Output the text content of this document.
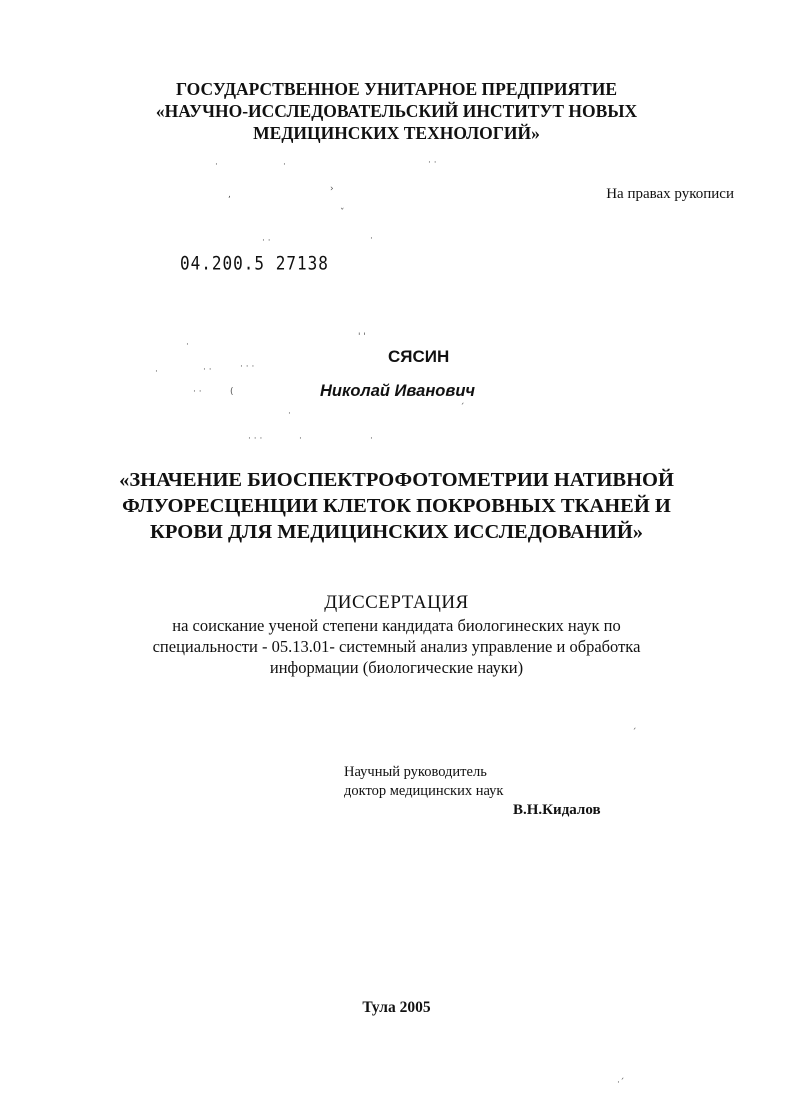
ГОСУДАРСТВЕННОЕ УНИТАРНОЕ ПРЕДПРИЯТИЕ
«НАУЧНО-ИССЛЕДОВАТЕЛЬСКИЙ ИНСТИТУТ НОВЫХ
МЕДИЦИНСКИХ ТЕХНОЛОГИЙ»
На правах рукописи
04.200.5 27138
СЯСИН
Николай Иванович
«ЗНАЧЕНИЕ БИОСПЕКТРОФОТОМЕТРИИ НАТИВНОЙ
ФЛУОРЕСЦЕНЦИИ КЛЕТОК ПОКРОВНЫХ ТКАНЕЙ И
КРОВИ ДЛЯ МЕДИЦИНСКИХ ИССЛЕДОВАНИЙ»
ДИССЕРТАЦИЯ
на соискание ученой степени кандидата биологинеских наук по
специальности - 05.13.01- системный анализ управление и обработка
информации (биологические науки)
Научный руководитель
доктор медицинских наук
В.Н.Кидалов
Тула 2005
·	·	· ·
,
›
ˇ
· ·	·
' '
·
·	· ·	· · ·
· ·	(
·
· · ·	·	·
´
´
·´
